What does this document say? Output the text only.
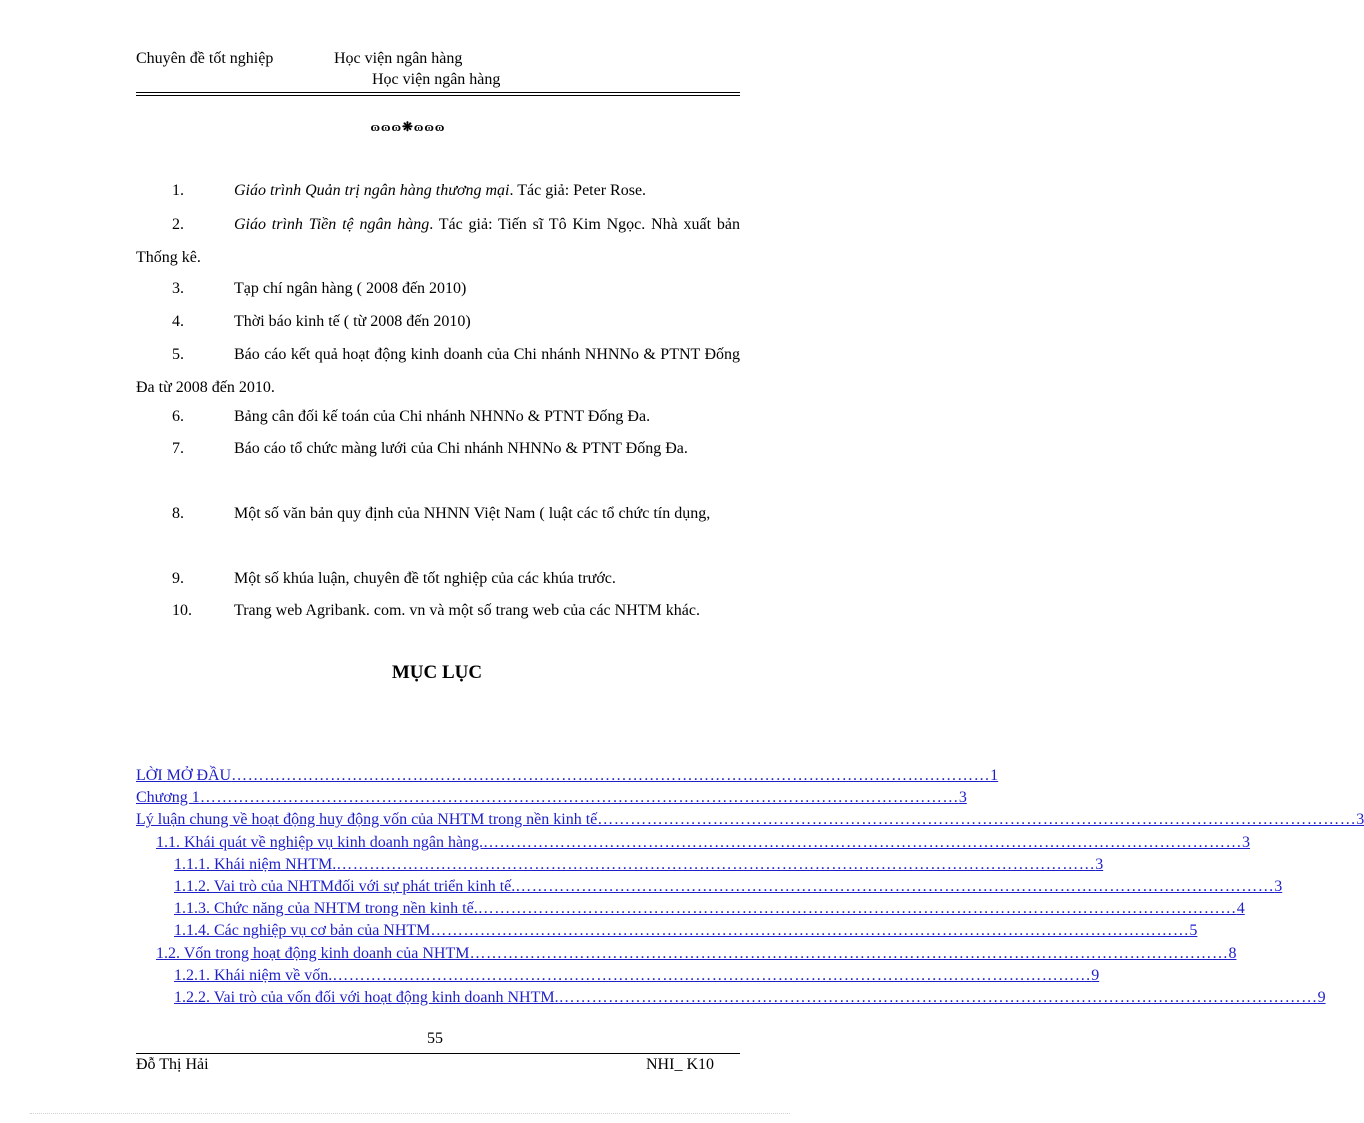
Chuyên đề tốt nghiệp	Học viện ngân hàng
Học viện ngân hàng
ɷɷɷ❋ɷɷɷ
1.	Giáo trình Quản trị ngân hàng thương mại. Tác giả: Peter Rose.
2.	Giáo trình Tiền tệ ngân hàng. Tác giả: Tiến sĩ Tô Kim Ngọc. Nhà xuất bản Thống kê.
3.	Tạp chí ngân hàng ( 2008 đến 2010)
4.	Thời báo kinh tế ( từ 2008 đến 2010)
5.	Báo cáo kết quả hoạt động kinh doanh của Chi nhánh NHNNo & PTNT Đống Đa từ 2008 đến 2010.
6.	Bảng cân đối kế toán của Chi nhánh NHNNo & PTNT Đống Đa.
7.	Báo cáo tổ chức màng lưới của Chi nhánh NHNNo & PTNT Đống Đa.
8.	Một số văn bản quy định của NHNN Việt Nam ( luật các tổ chức tín dụng,
9.	Một số khúa luận, chuyên đề tốt nghiệp của các khúa trước.
10.	Trang web Agribank. com. vn và một số trang web của các NHTM khác.
MỤC LỤC
LỜI MỞ ĐẦU ………………………………………………………………………………………………………………………… 1
Chương 1 ………………………………………………………………………………………………………………………… 3
Lý luận chung về hoạt động huy động vốn của NHTM trong nền kinh tế ………………………………………………………………………………………………………………………… 3
1.1. Khái quát về nghiệp vụ kinh doanh ngân hàng. ………………………………………………………………………………………………………………………… 3
1.1.1. Khái niệm NHTM. ………………………………………………………………………………………………………………………… 3
1.1.2. Vai trò của NHTMđối với sự phát triển kinh tế. ………………………………………………………………………………………………………………………… 3
1.1.3. Chức năng của NHTM trong nền kinh tế. ………………………………………………………………………………………………………………………… 4
1.1.4. Các nghiệp vụ cơ bản của NHTM ………………………………………………………………………………………………………………………… 5
1.2. Vốn trong hoạt động kinh doanh của NHTM ………………………………………………………………………………………………………………………… 8
1.2.1. Khái niệm về vốn. ………………………………………………………………………………………………………………………… 9
1.2.2. Vai trò của vốn đối với hoạt động kinh doanh NHTM. ………………………………………………………………………………………………………………………… 9
55
Đỗ Thị Hải	NHI_ K10
